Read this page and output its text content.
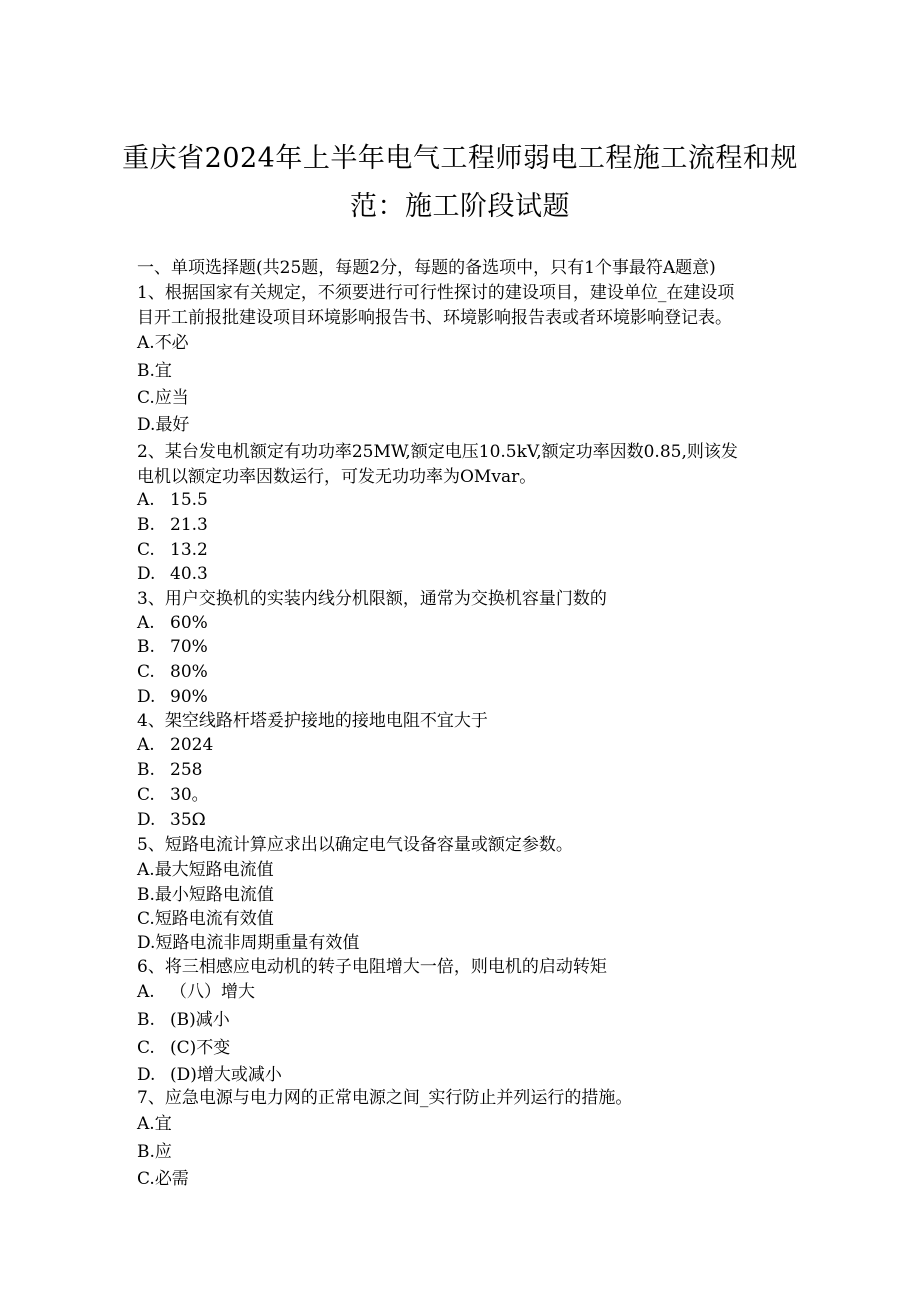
重庆省2024年上半年电气工程师弱电工程施工流程和规
范：施工阶段试题
一、单项选择题(共25题，每题2分，每题的备选项中，只有1个事最符A题意)
1、根据国家有关规定，不须要进行可行性探讨的建设项目，建设单位_在建设项
目开工前报批建设项目环境影响报告书、环境影响报告表或者环境影响登记表。
A.不必
B.宜
C.应当
D.最好
2、某台发电机额定有功功率25MW,额定电压10.5kV,额定功率因数0.85,则该发
电机以额定功率因数运行，可发无功功率为OMvar。
A. 15.5
B. 21.3
C. 13.2
D. 40.3
3、用户交换机的实装内线分机限额，通常为交换机容量门数的
A. 60%
B. 70%
C. 80%
D. 90%
4、架空线路杆塔爰护接地的接地电阻不宜大于
A. 2024
B. 258
C. 30。
D. 35Ω
5、短路电流计算应求出以确定电气设备容量或额定参数。
A.最大短路电流值
B.最小短路电流值
C.短路电流有效值
D.短路电流非周期重量有效值
6、将三相感应电动机的转子电阻增大一倍，则电机的启动转矩
A. （八）增大
B. (B)减小
C. (C)不变
D. (D)增大或减小
7、应急电源与电力网的正常电源之间_实行防止并列运行的措施。
A.宜
B.应
C.必需
